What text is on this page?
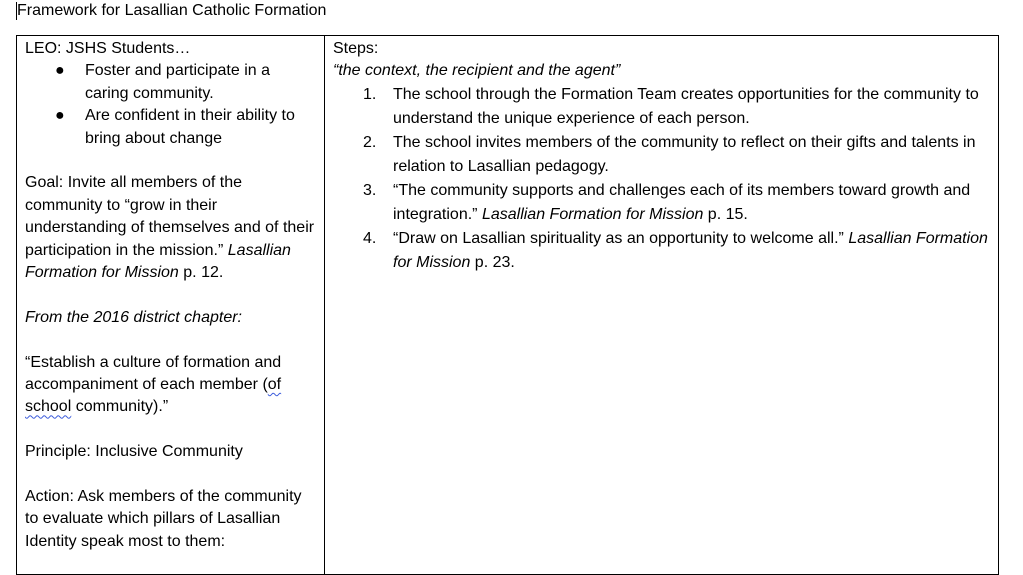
Framework for Lasallian Catholic Formation
LEO: JSHS Students…
● Foster and participate in a caring community.
● Are confident in their ability to bring about change
Goal: Invite all members of the community to “grow in their understanding of themselves and of their participation in the mission.” Lasallian Formation for Mission p. 12.
From the 2016 district chapter:
“Establish a culture of formation and accompaniment of each member (of
school community).”
Principle: Inclusive Community
Action: Ask members of the community to evaluate which pillars of Lasallian Identity speak most to them:
Steps:
“the context, the recipient and the agent”
1. The school through the Formation Team creates opportunities for the community to understand the unique experience of each person.
2. The school invites members of the community to reflect on their gifts and talents in relation to Lasallian pedagogy.
3. “The community supports and challenges each of its members toward growth and integration.” Lasallian Formation for Mission p. 15.
4. “Draw on Lasallian spirituality as an opportunity to welcome all.” Lasallian Formation for Mission p. 23.
